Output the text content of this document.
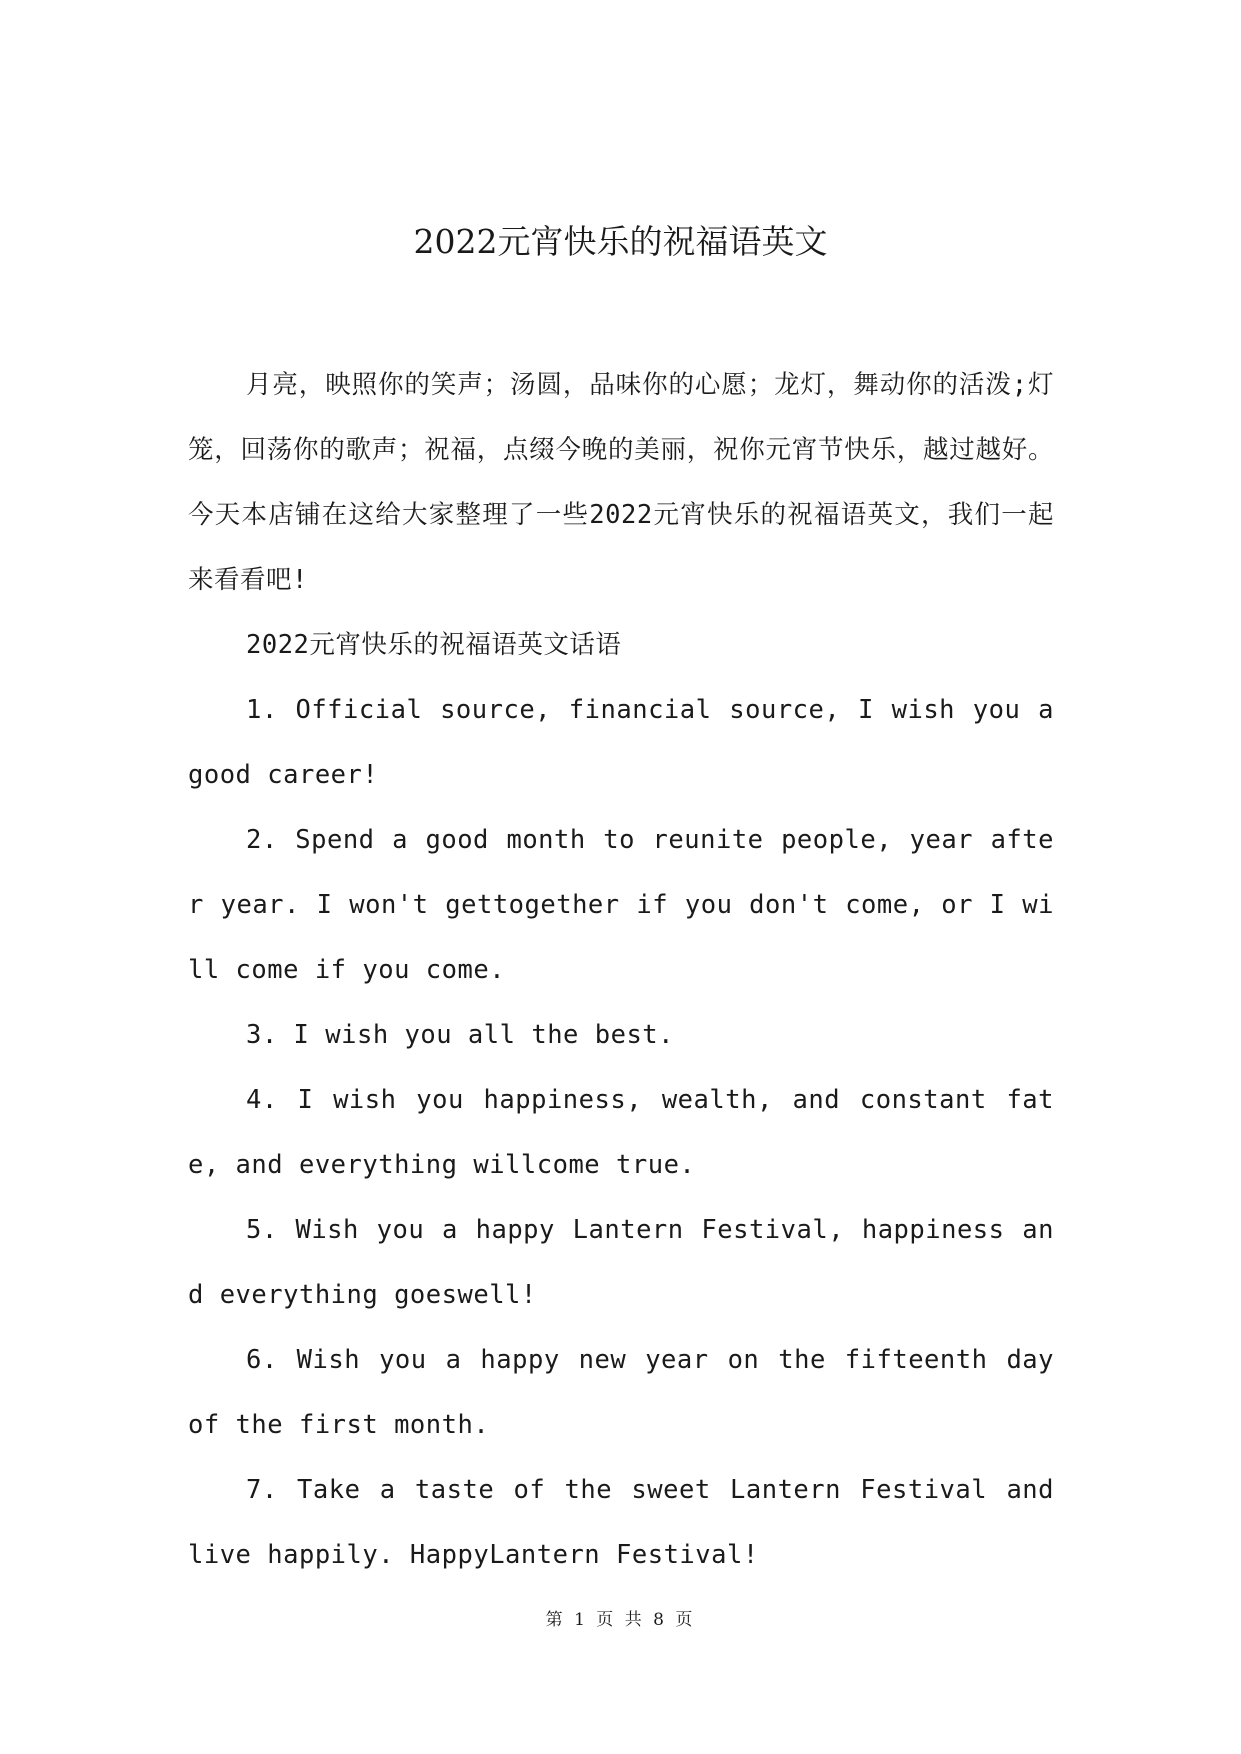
2022元宵快乐的祝福语英文

月亮，映照你的笑声；汤圆，品味你的心愿；龙灯，舞动你的活泼;灯笼，回荡你的歌声；祝福，点缀今晚的美丽，祝你元宵节快乐，越过越好。今天本店铺在这给大家整理了一些2022元宵快乐的祝福语英文，我们一起来看看吧!

2022元宵快乐的祝福语英文话语

1. Official source, financial source, I wish you a good career!

2. Spend a good month to reunite people, year after year. I won't gettogether if you don't come, or I will come if you come.

3. I wish you all the best.

4. I wish you happiness, wealth, and constant fate, and everything willcome true.

5. Wish you a happy Lantern Festival, happiness and everything goeswell!

6. Wish you a happy new year on the fifteenth day of the first month.

7. Take a taste of the sweet Lantern Festival and live happily. HappyLantern Festival!

第 1 页 共 8 页
